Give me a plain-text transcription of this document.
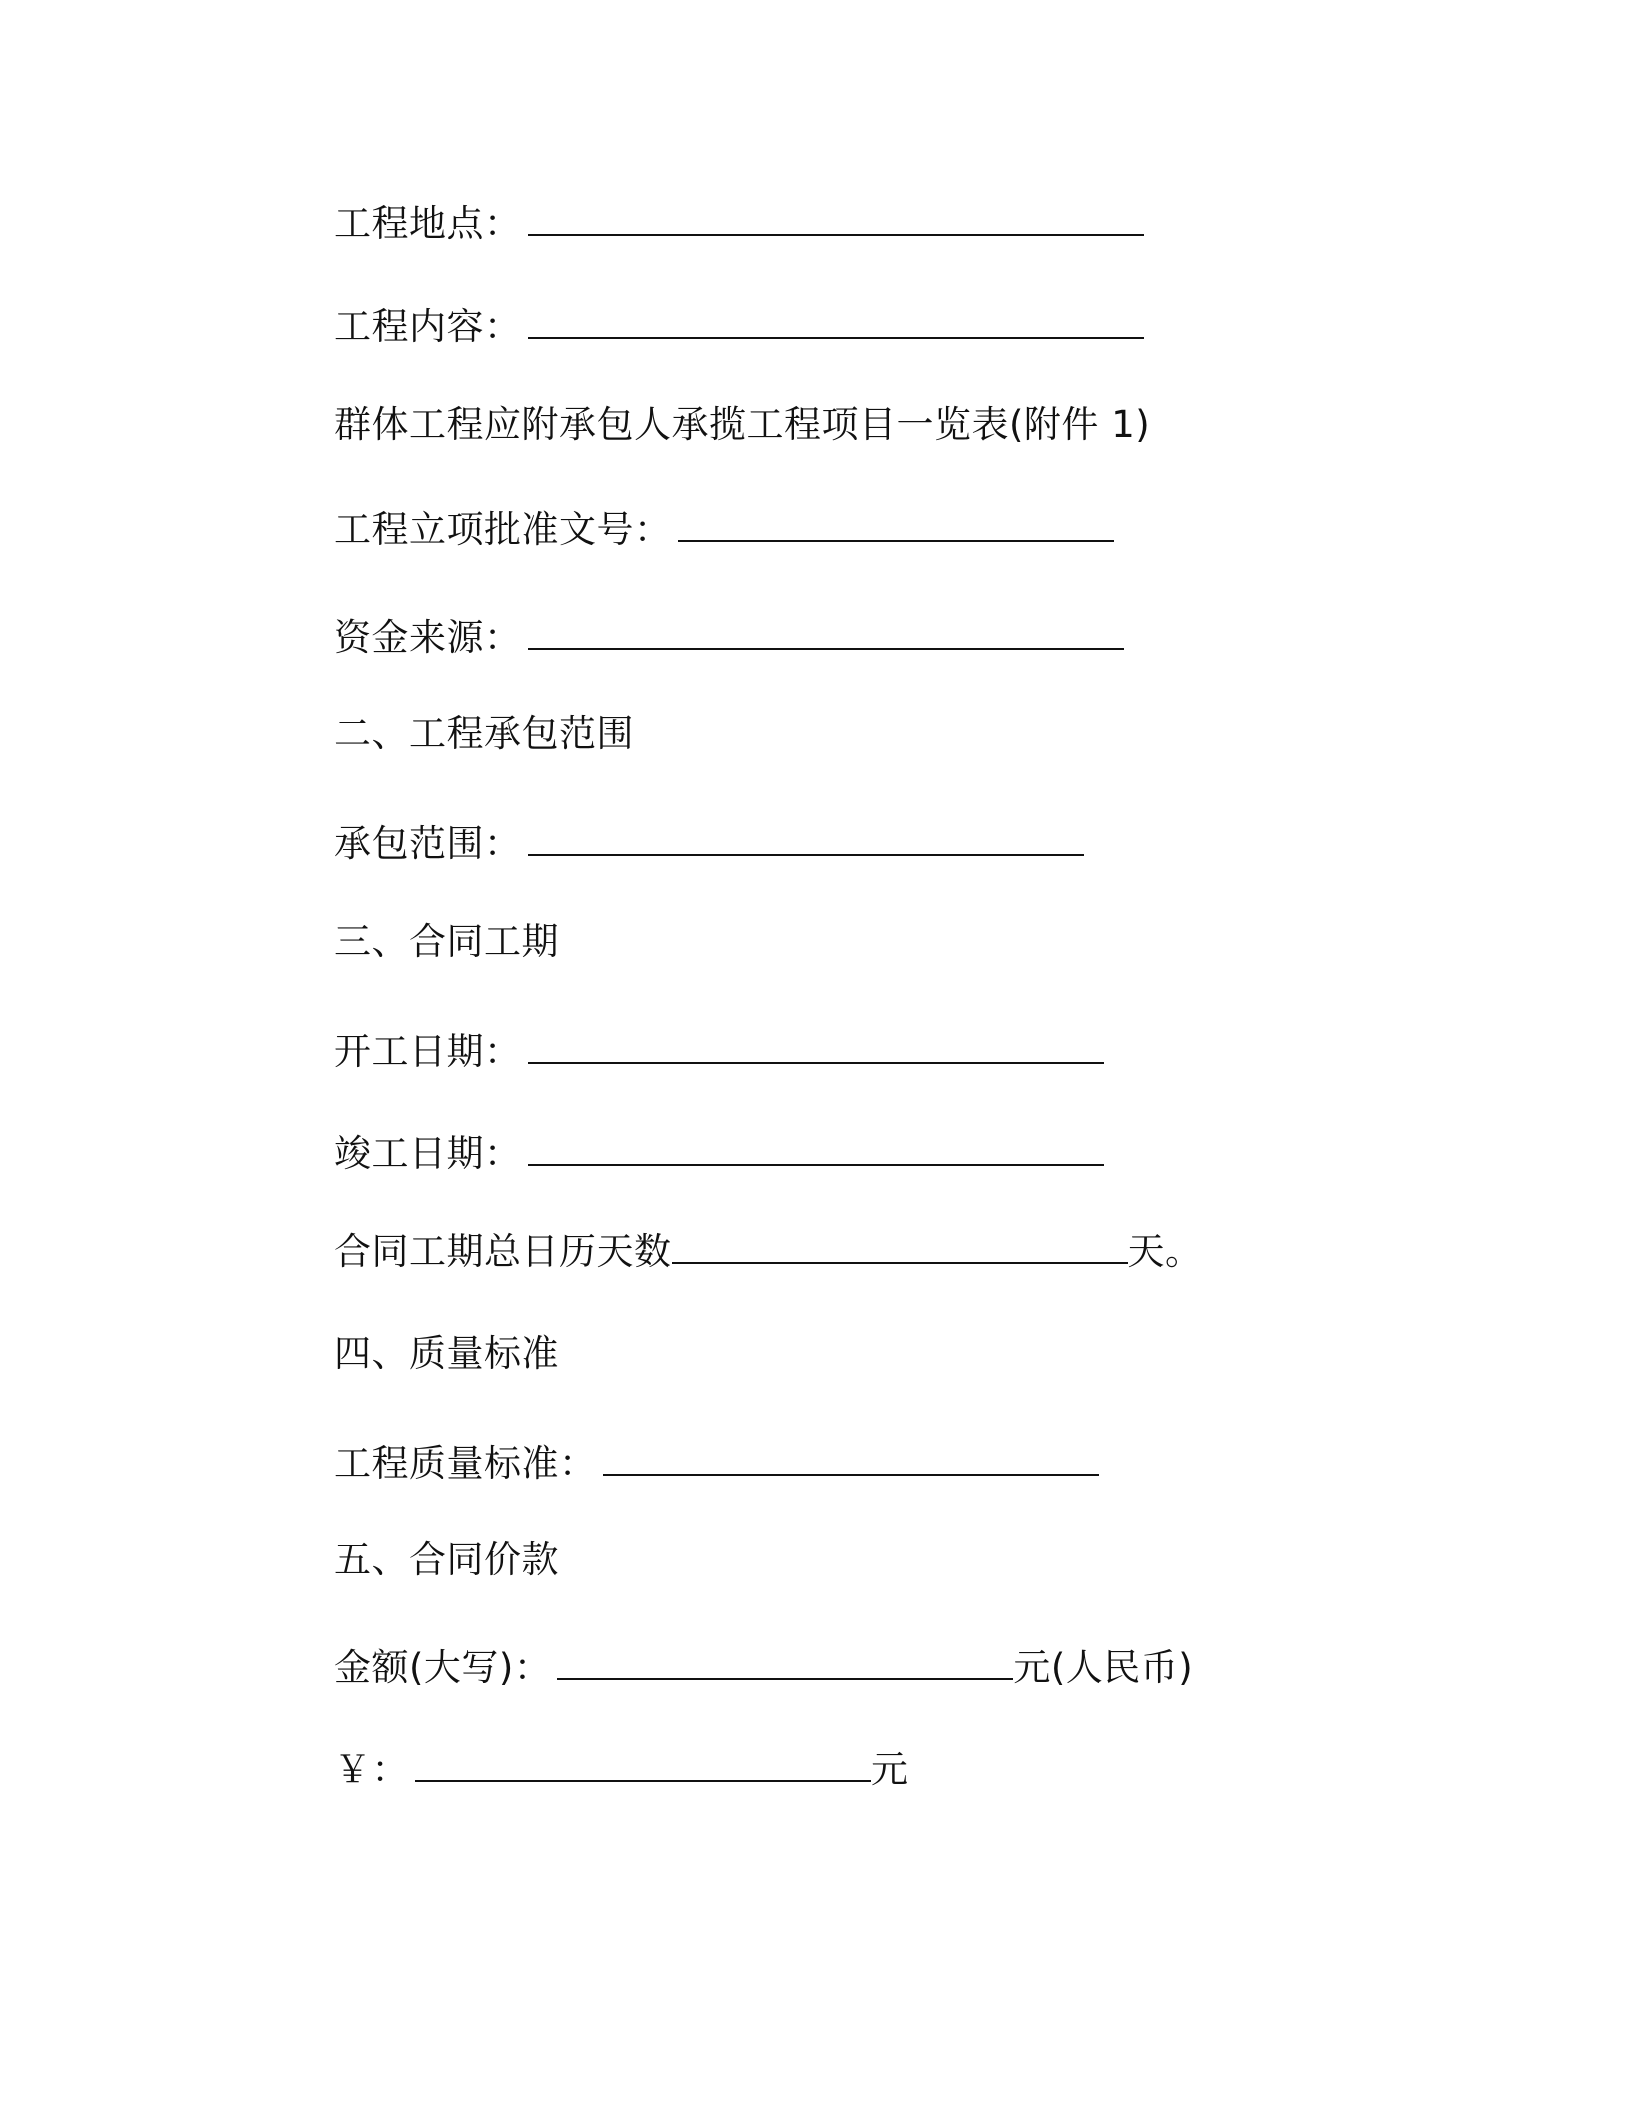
工程地点：
工程内容：
群体工程应附承包人承揽工程项目一览表(附件 1)
工程立项批准文号：
资金来源：
二、工程承包范围
承包范围：
三、合同工期
开工日期：
竣工日期：
合同工期总日历天数	天。
四、质量标准
工程质量标准：
五、合同价款
金额(大写)：	元(人民币)
￥：	元
